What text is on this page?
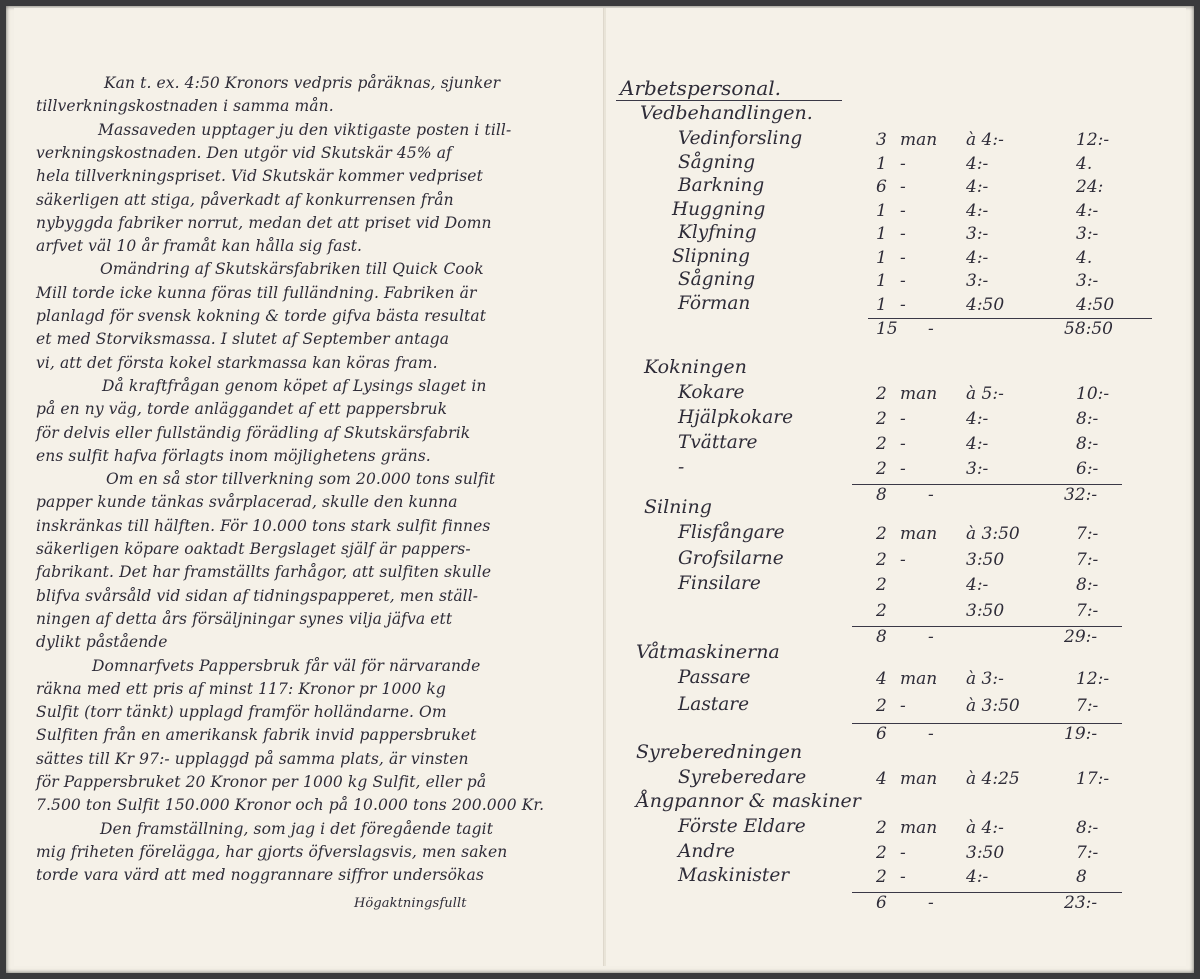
Kan t. ex. 4:50 Kronors vedpris påräknas, sjunker
tillverkningskostnaden i samma mån.
Massaveden upptager ju den viktigaste posten i till-
verkningskostnaden. Den utgör vid Skutskär 45% af
hela tillverkningspriset. Vid Skutskär kommer vedpriset
säkerligen att stiga, påverkadt af konkurrensen från
nybyggda fabriker norrut, medan det att priset vid Domn
arfvet väl 10 år framåt kan hålla sig fast.
Omändring af Skutskärsfabriken till Quick Cook
Mill torde icke kunna föras till fulländning. Fabriken är
planlagd för svensk kokning & torde gifva bästa resultat
et med Storviksmassa. I slutet af September antaga
vi, att det första kokel starkmassa kan köras fram.
Då kraftfrågan genom köpet af Lysings slaget in
på en ny väg, torde anläggandet af ett pappersbruk
för delvis eller fullständig förädling af Skutskärsfabrik
ens sulfit hafva förlagts inom möjlighetens gräns.
Om en så stor tillverkning som 20.000 tons sulfit
papper kunde tänkas svårplacerad, skulle den kunna
inskränkas till hälften. För 10.000 tons stark sulfit finnes
säkerligen köpare oaktadt Bergslaget själf är pappers-
fabrikant. Det har framställts farhågor, att sulfiten skulle
blifva svårsåld vid sidan af tidningspapperet, men ställ-
ningen af detta års försäljningar synes vilja jäfva ett
dylikt påstående
Domnarfvets Pappersbruk får väl för närvarande
räkna med ett pris af minst 117: Kronor pr 1000 kg
Sulfit (torr tänkt) upplagd framför holländarne. Om
Sulfiten från en amerikansk fabrik invid pappersbruket
sättes till Kr 97:- upplaggd på samma plats, är vinsten
för Pappersbruket 20 Kronor per 1000 kg Sulfit, eller på
7.500 ton Sulfit 150.000 Kronor och på 10.000 tons 200.000 Kr.
Den framställning, som jag i det föregående tagit
mig friheten förelägga, har gjorts öfverslagsvis, men saken
torde vara värd att med noggrannare siffror undersökas
Högaktningsfullt
Arbetspersonal.
Vedbehandlingen.
Vedinforsling	3 man à 4:-	12:-
Sågning	1 -	4:-	4.
Barkning	6 -	4:-	24:
Huggning	1 -	4:-	4:-
Klyfning	1 -	3:-	3:-
Slipning	1 -	4:-	4.
Sågning	1 -	3:-	3:-
Förman	1 -	4:50	4:50
15 -	58:50
Kokningen
Kokare	2 man à 5:-	10:-
Hjälpkokare	2 -	4:-	8:-
Tvättare	2 -	4:-	8:-
-	2 -	3:-	6:-
8 -	32:-
Silning
Flisfångare	2 man à 3:50	7:-
Grofsilarne	2 -	3:50	7:-
Finsilare	2	4:-	8:-
2	3:50	7:-
8 -	29:-
Våtmaskinerna
Passare	4 man à 3:-	12:-
Lastare	2 -	à 3:50	7:-
6 -	19:-
Syreberedningen
Syreberedare	4 man à 4:25	17:-
Ångpannor & maskiner
Förste Eldare	2 man à 4:-	8:-
Andre	2 -	3:50	7:-
Maskinister	2 -	4:-	8
6 -	23:-
